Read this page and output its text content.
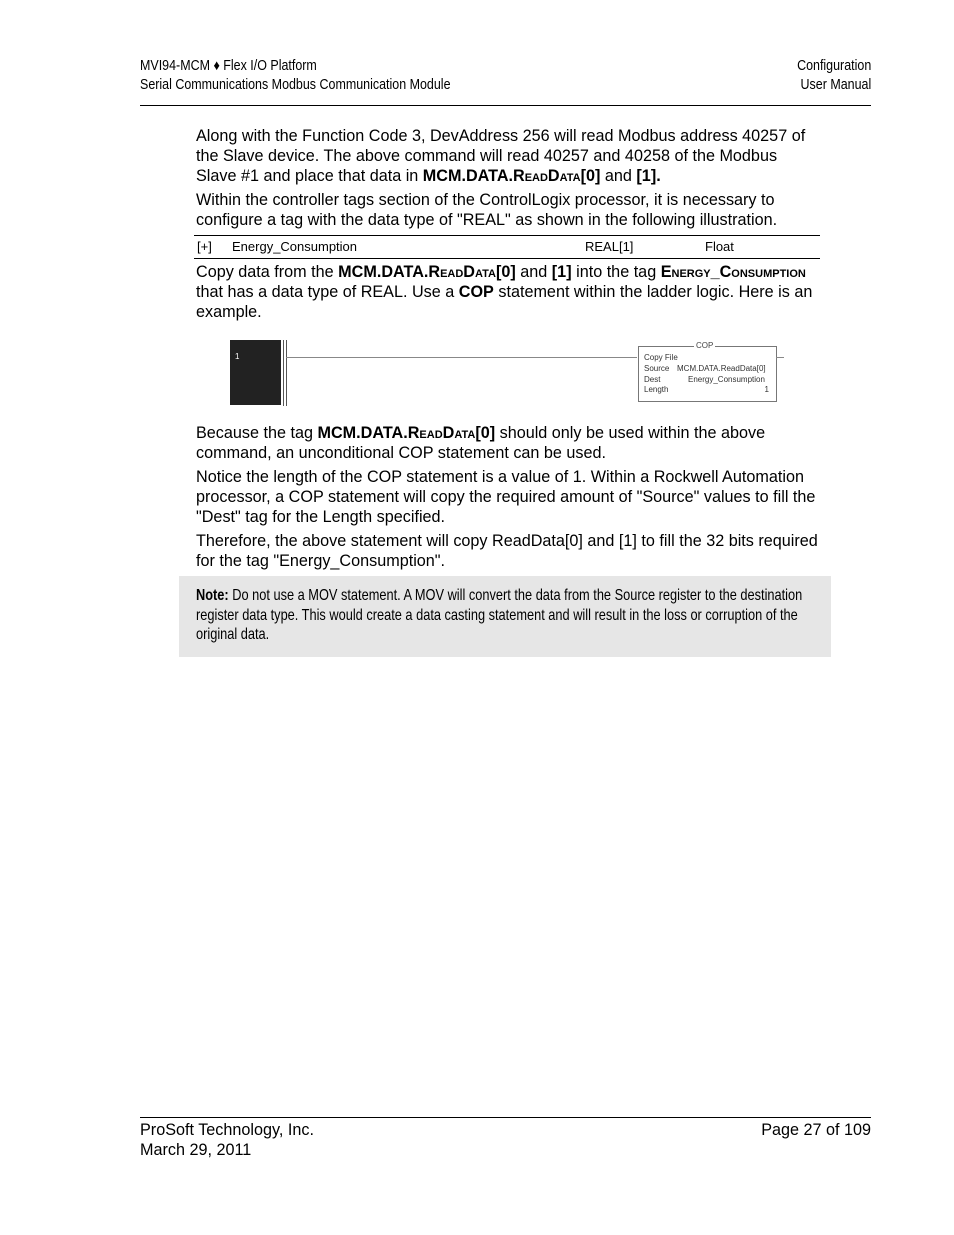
MVI94-MCM ♦ Flex I/O Platform
Serial Communications Modbus Communication Module
Configuration
User Manual
Along with the Function Code 3, DevAddress 256 will read Modbus address 40257 of the Slave device. The above command will read 40257 and 40258 of the Modbus Slave #1 and place that data in MCM.DATA.ReadData[0] and [1].
Within the controller tags section of the ControlLogix processor, it is necessary to configure a tag with the data type of "REAL" as shown in the following illustration.
Copy data from the MCM.DATA.ReadData[0] and [1] into the tag Energy_Consumption that has a data type of REAL. Use a COP statement within the ladder logic. Here is an example.
Because the tag MCM.DATA.ReadData[0] should only be used within the above command, an unconditional COP statement can be used.
Notice the length of the COP statement is a value of 1. Within a Rockwell Automation processor, a COP statement will copy the required amount of "Source" values to fill the "Dest" tag for the Length specified.
Therefore, the above statement will copy ReadData[0] and [1] to fill the 32 bits required for the tag "Energy_Consumption".
[+] Energy_Consumption	REAL[1]	Float
1
COP
Copy File
Source MCM.DATA.ReadData[0]
Dest	Energy_Consumption
Length	1
Note: Do not use a MOV statement. A MOV will convert the data from the Source register to the destination register data type. This would create a data casting statement and will result in the loss or corruption of the original data.
ProSoft Technology, Inc.
March 29, 2011
Page 27 of 109
